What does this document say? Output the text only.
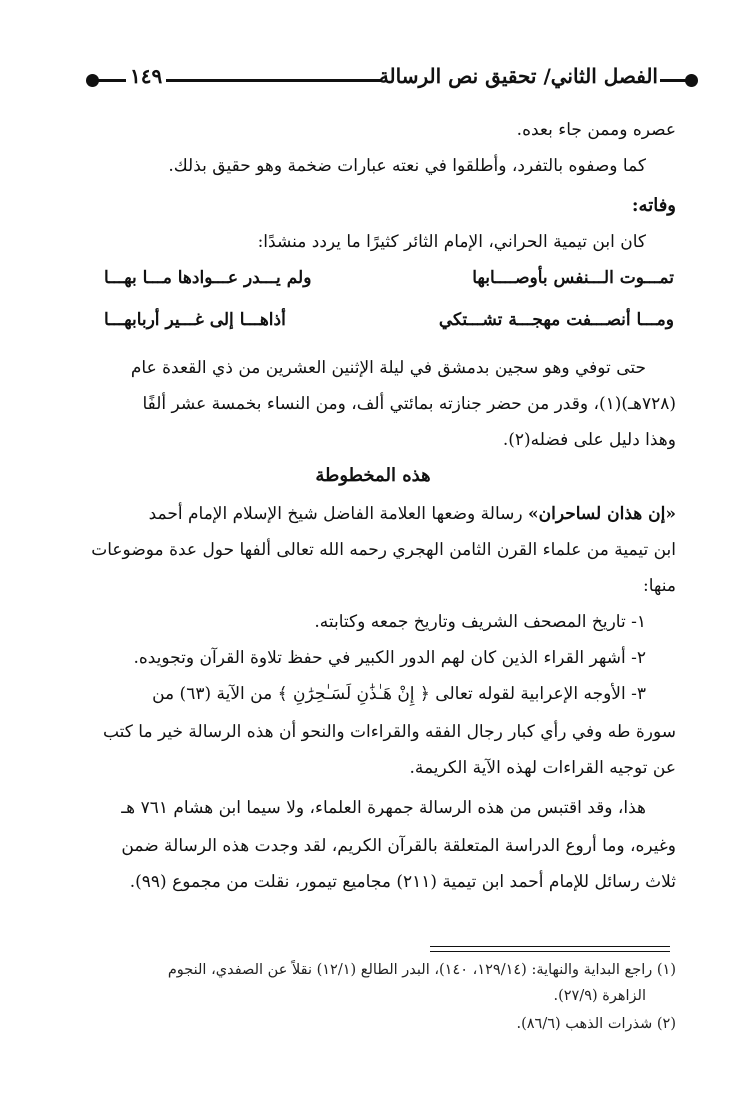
١٤٩	الفصل الثاني/ تحقيق نص الرسالة
عصره وممن جاء بعده.
كما وصفوه بالتفرد، وأطلقوا في نعته عبارات ضخمة وهو حقيق بذلك.
وفاته:
كان ابن تيمية الحراني، الإمام الثائر كثيرًا ما يردد منشدًا:
تمـــوت الـــنفس بأوصــــابها
ولم يـــدر عـــوادها مـــا بهـــا
ومـــا أنصـــفت مهجـــة تشـــتكي
أذاهـــا إلى غـــير أربابهـــا
حتى توفي وهو سجين بدمشق في ليلة الإثنين العشرين من ذي القعدة عام
(٧٢٨هـ)(١)، وقدر من حضر جنازته بمائتي ألف، ومن النساء بخمسة عشر ألفًا
وهذا دليل على فضله(٢).
هذه المخطوطة
«إن هذان لساحران» رسالة وضعها العلامة الفاضل شيخ الإسلام الإمام أحمد
ابن تيمية من علماء القرن الثامن الهجري رحمه الله تعالى ألفها حول عدة موضوعات
منها:
١- تاريخ المصحف الشريف وتاريخ جمعه وكتابته.
٢- أشهر القراء الذين كان لهم الدور الكبير في حفظ تلاوة القرآن وتجويده.
٣- الأوجه الإعرابية لقوله تعالى ﴿ إِنْ هَـٰذَٰنِ لَسَـٰحِرَٰنِ ﴾ من الآية (٦٣) من
سورة طه وفي رأي كبار رجال الفقه والقراءات والنحو أن هذه الرسالة خير ما كتب
عن توجيه القراءات لهذه الآية الكريمة.
هذا، وقد اقتبس من هذه الرسالة جمهرة العلماء، ولا سيما ابن هشام ٧٦١ هـ
وغيره، وما أروع الدراسة المتعلقة بالقرآن الكريم، لقد وجدت هذه الرسالة ضمن
ثلاث رسائل للإمام أحمد ابن تيمية (٢١١) مجاميع تيمور، نقلت من مجموع (٩٩).
(١) راجع البداية والنهاية: (١٢٩/١٤، ١٤٠)، البدر الطالع (١٢/١) نقلاً عن الصفدي، النجوم
الزاهرة (٢٧/٩).
(٢) شذرات الذهب (٨٦/٦).
